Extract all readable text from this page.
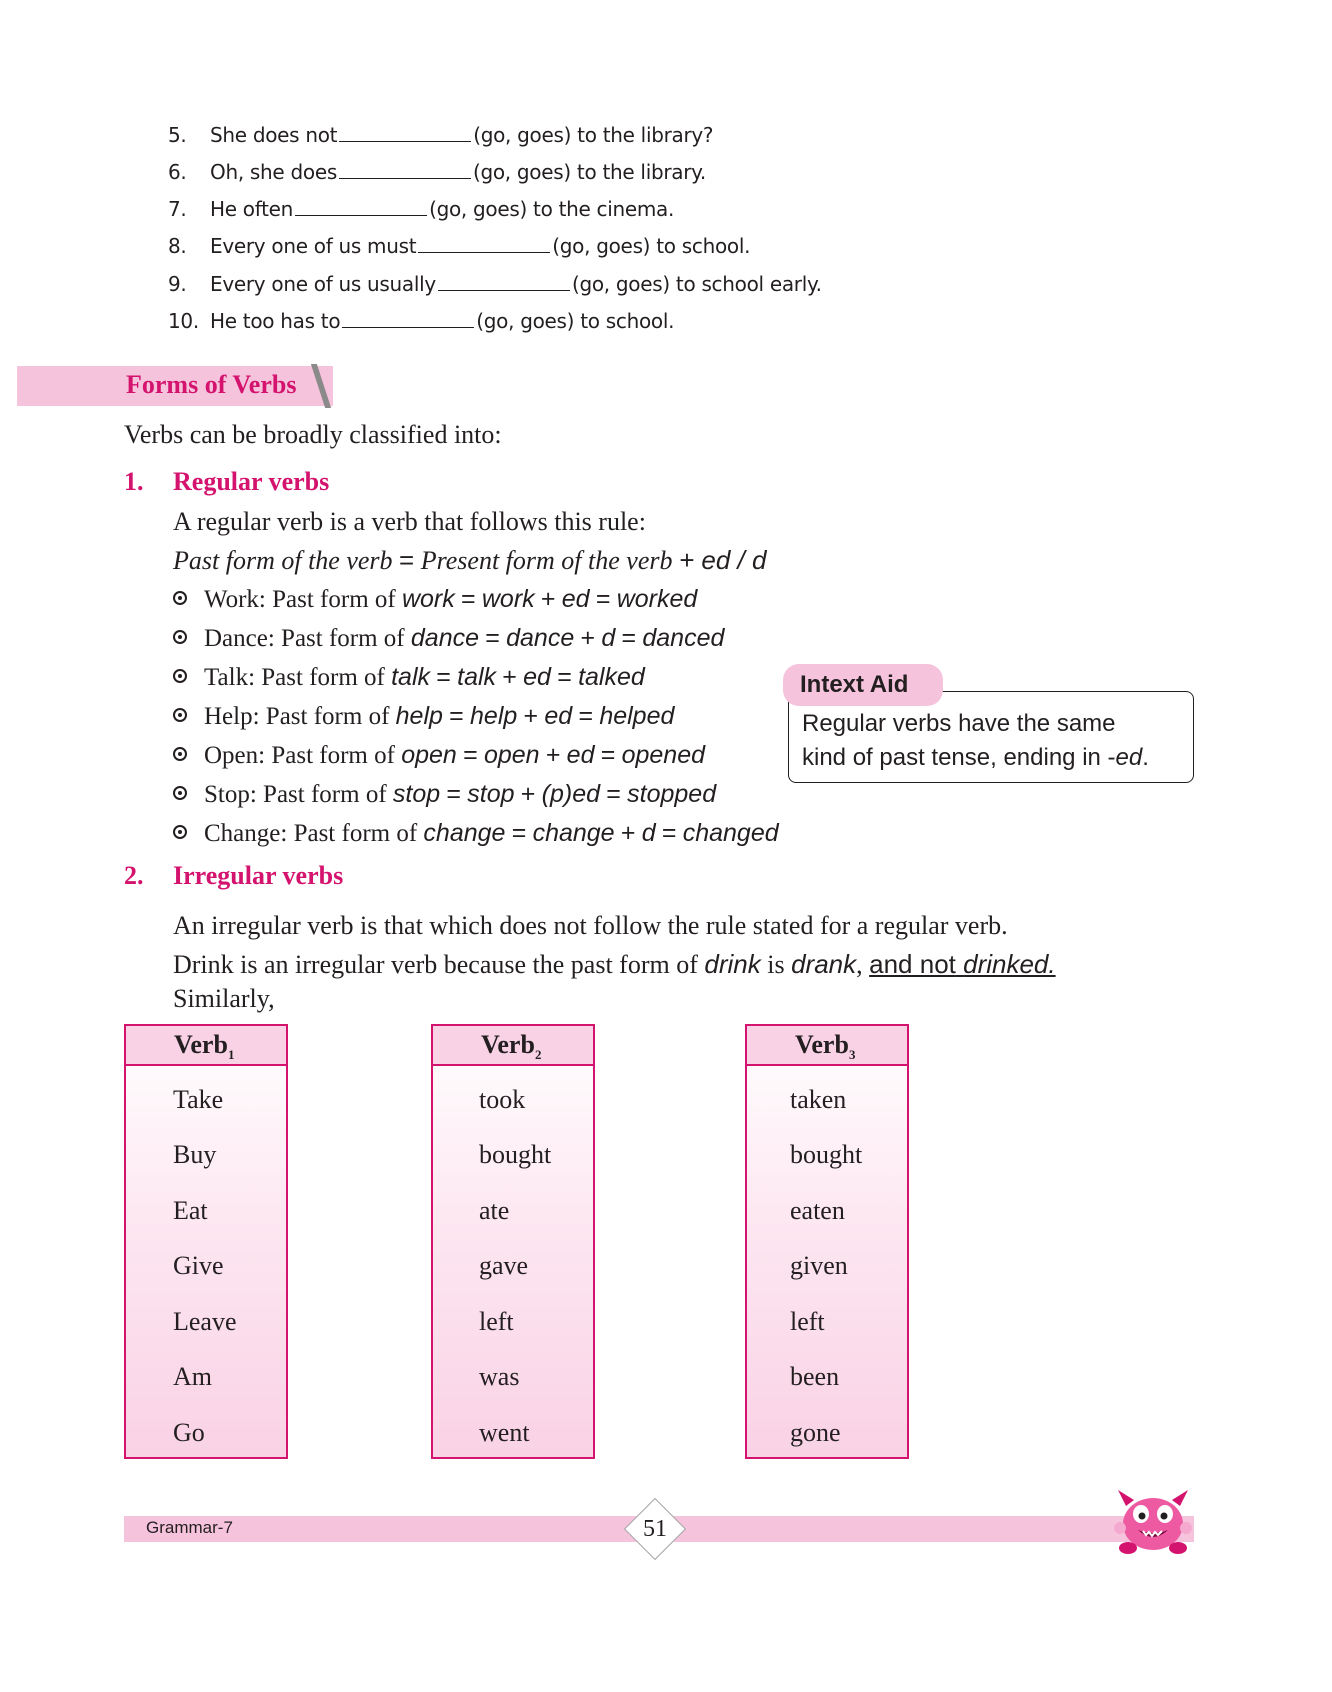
5. She does not	(go, goes) to the library?
6. Oh, she does	(go, goes) to the library.
7. He often	(go, goes) to the cinema.
8. Every one of us must	(go, goes) to school.
9. Every one of us usually	(go, goes) to school early.
10. He too has to	(go, goes) to school.
Forms of Verbs
Verbs can be broadly classified into:
1. Regular verbs
A regular verb is a verb that follows this rule:
Past form of the verb = Present form of the verb + ed / d
Work: Past form of work = work + ed = worked
Dance: Past form of dance = dance + d = danced
Talk: Past form of talk = talk + ed = talked
Help: Past form of help = help + ed = helped
Open: Past form of open = open + ed = opened
Stop: Past form of stop = stop + (p)ed = stopped
Change: Past form of change = change + d = changed
Intext Aid
Regular verbs have the same
kind of past tense, ending in -ed.
2. Irregular verbs
An irregular verb is that which does not follow the rule stated for a regular verb.
Drink is an irregular verb because the past form of drink is drank, and not drinked.
Similarly,
Verb$_1$	Verb$_2$	Verb$_3$
Take	took	taken
Buy	bought	bought
Eat	ate	eaten
Give	gave	given
Leave	left	left
Am	was	been
Go	went	gone
Grammar-7	51
